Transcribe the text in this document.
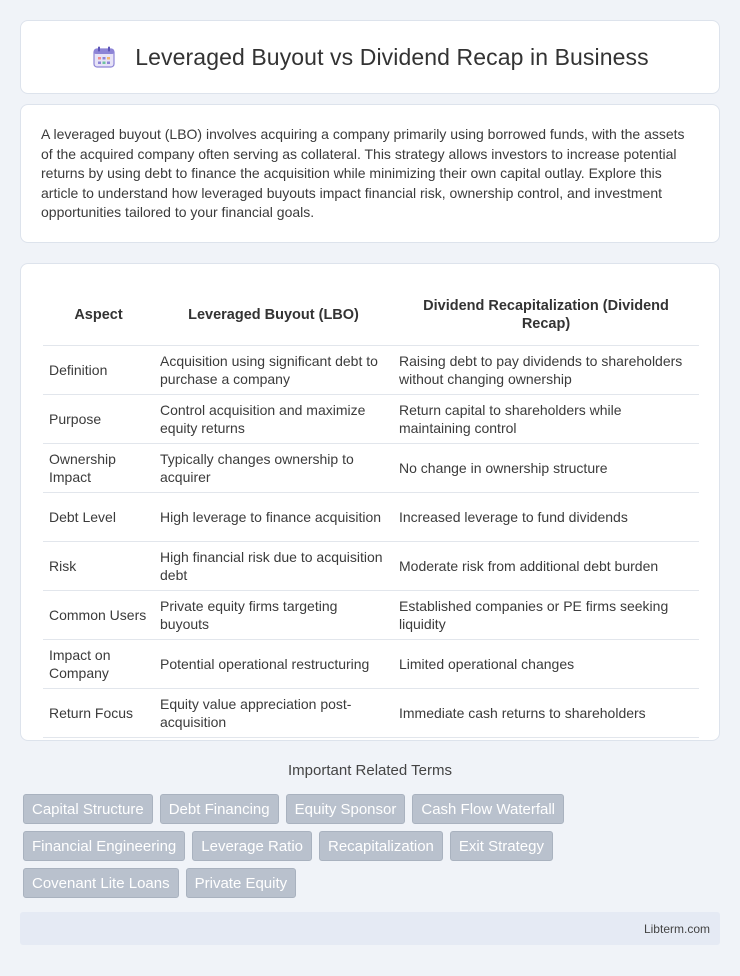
Leveraged Buyout vs Dividend Recap in Business

A leveraged buyout (LBO) involves acquiring a company primarily using borrowed funds, with the assets of the acquired company often serving as collateral. This strategy allows investors to increase potential returns by using debt to finance the acquisition while minimizing their own capital outlay. Explore this article to understand how leveraged buyouts impact financial risk, ownership control, and investment opportunities tailored to your financial goals.

Aspect	Leveraged Buyout (LBO)	Dividend Recapitalization (Dividend Recap)
Definition	Acquisition using significant debt to purchase a company	Raising debt to pay dividends to shareholders without changing ownership
Purpose	Control acquisition and maximize equity returns	Return capital to shareholders while maintaining control
Ownership Impact	Typically changes ownership to acquirer	No change in ownership structure
Debt Level	High leverage to finance acquisition	Increased leverage to fund dividends
Risk	High financial risk due to acquisition debt	Moderate risk from additional debt burden
Common Users	Private equity firms targeting buyouts	Established companies or PE firms seeking liquidity
Impact on Company	Potential operational restructuring	Limited operational changes
Return Focus	Equity value appreciation post-acquisition	Immediate cash returns to shareholders
Important Related Terms
Capital Structure	Debt Financing	Equity Sponsor	Cash Flow Waterfall
Financial Engineering	Leverage Ratio	Recapitalization	Exit Strategy
Covenant Lite Loans	Private Equity
Libterm.com
